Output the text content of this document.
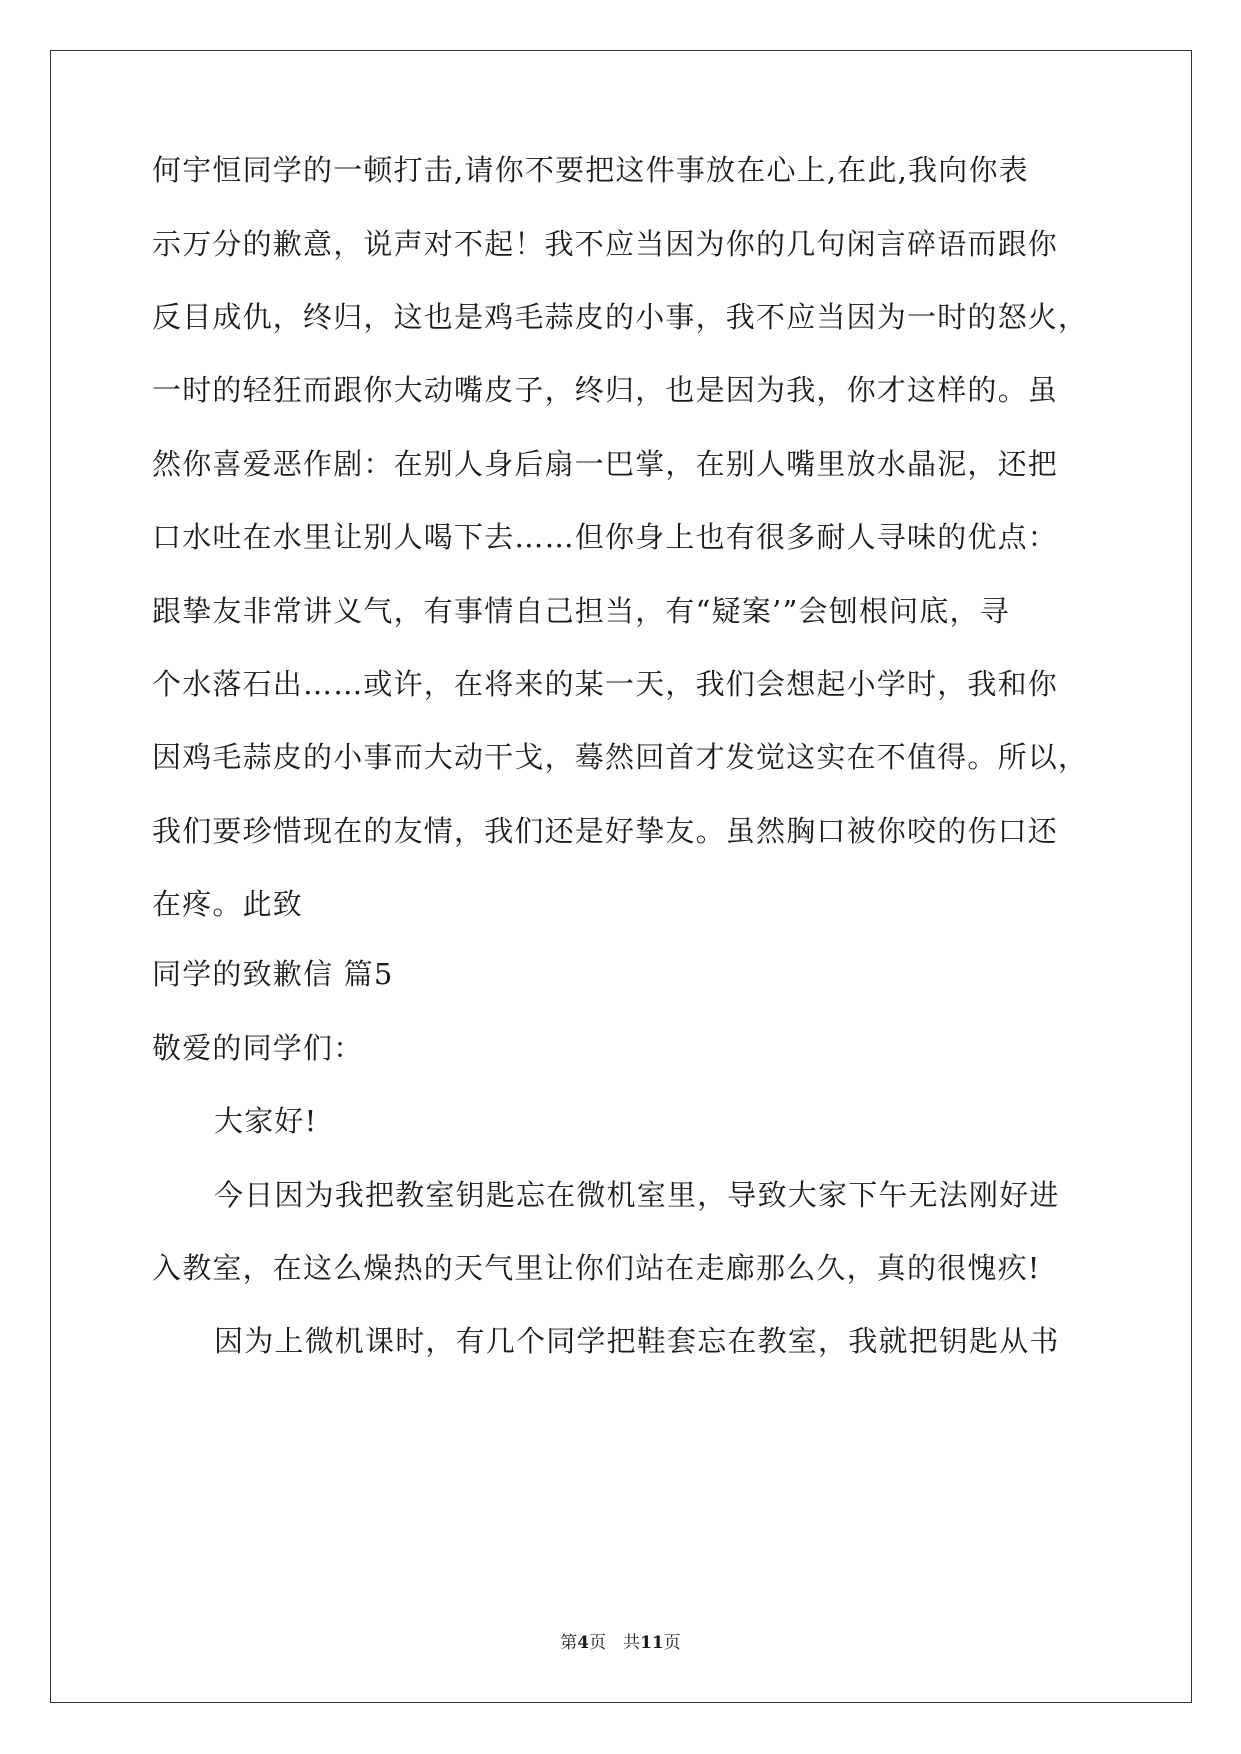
何宇恒同学的一顿打击,请你不要把这件事放在心上,在此,我向你表
示万分的歉意，说声对不起！我不应当因为你的几句闲言碎语而跟你
反目成仇，终归，这也是鸡毛蒜皮的小事，我不应当因为一时的怒火，
一时的轻狂而跟你大动嘴皮子，终归，也是因为我，你才这样的。虽
然你喜爱恶作剧：在别人身后扇一巴掌，在别人嘴里放水晶泥，还把
口水吐在水里让别人喝下去……但你身上也有很多耐人寻味的优点：
跟挚友非常讲义气，有事情自己担当，有“疑案’”会刨根问底，寻
个水落石出……或许，在将来的某一天，我们会想起小学时，我和你
因鸡毛蒜皮的小事而大动干戈，蓦然回首才发觉这实在不值得。所以，
我们要珍惜现在的友情，我们还是好挚友。虽然胸口被你咬的伤口还
在疼。此致
同学的致歉信 篇5
敬爱的同学们：
大家好!
今日因为我把教室钥匙忘在微机室里，导致大家下午无法刚好进
入教室，在这么燥热的天气里让你们站在走廊那么久，真的很愧疚!
因为上微机课时，有几个同学把鞋套忘在教室，我就把钥匙从书
第4页　共11页
